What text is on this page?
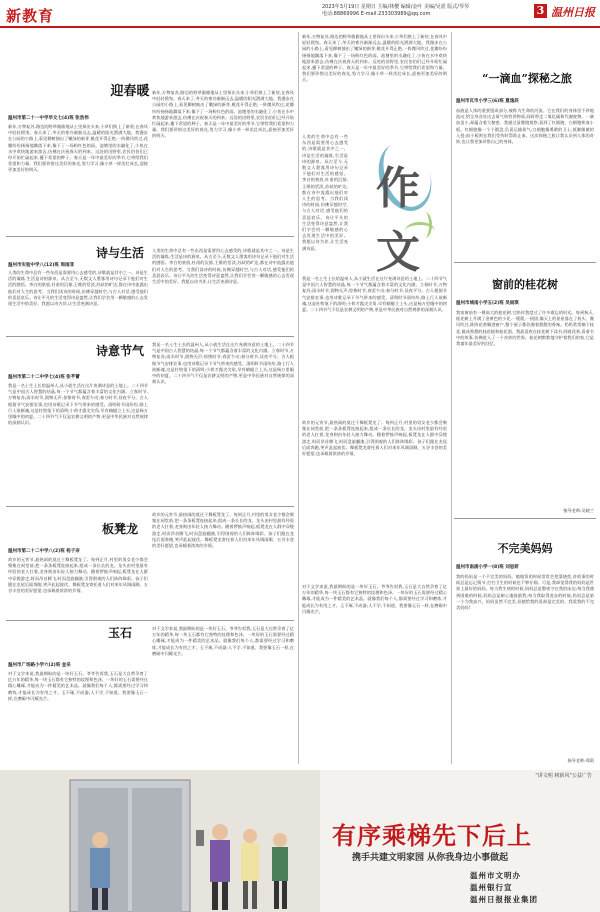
新教育	2023年3月19日 星期日 主编/林樱 编辑/金叶 美编/吴震 版式/琴琴
电话:88869996 E-mail:233303989@qq.com	3 温州日报
迎春暖
温州市第二十一中学毕文七(4)班 张浩伟

新年,万物复苏,路边的野草偷偷地从土里探出头来,小草们换上了新装,在春风中轻轻摇曳。春天来了,冬天的寒冷渐渐远去,温暖的阳光洒满大地。我漫步在公园的小路上,看见柳树抽出了嫩绿的新芽,桃花开得正艳,一阵微风吹过,花瓣纷纷扬扬地飘落下来,像下了一场粉红色的雨。池塘里的水融化了,小鱼在水中欢快地游来游去,仿佛在庆祝春天的到来。远处的田野里,农民伯伯们已经开始忙碌起来,播下希望的种子。春天是一年中最美好的季节,它带给我们希望和力量。我们要珍惜这美好的春光,努力学习,像小草一样茁壮成长,迎接更加美好的明天。

新年,万物复苏,路边的野草偷偷地从土里探出头来,小草们换上了新装,在春风中轻轻摇曳。春天来了,冬天的寒冷渐渐远去,温暖的阳光洒满大地。我漫步在公园的小路上,看见柳树抽出了嫩绿的新芽,桃花开得正艳,一阵微风吹过,花瓣纷纷扬扬地飘落下来,像下了一场粉红色的雨。池塘里的水融化了,小鱼在水中欢快地游来游去,仿佛在庆祝春天的到来。远处的田野里,农民伯伯们已经开始忙碌起来,播下希望的种子。春天是一年中最美好的季节,它带给我们希望和力量。我们要珍惜这美好的春光,努力学习,像小草一样茁壮成长,迎接更加美好的明天。

诗与生活
温州市实验中学八(12)班 周雨菲

人类的生命中总有一些东西是需要用心去感受的,诗歌就是其中之一。诗是生活的凝练,生活是诗的源泉。从古至今,无数文人墨客用诗句记录下他们对生活的感悟。李白的豪放,杜甫的沉郁,王维的恬淡,苏轼的旷达,都在诗中流露出他们对人生的思考。当我们读诗的时候,仿佛穿越时空,与古人对话,感受他们的喜怒哀乐。诗让平凡的生活变得诗意盎然,让我们学会用一颗敏感的心去发现生活中的美好。我愿以诗为伴,让生活充满诗意。

人类的生命中总有一些东西是需要用心去感受的,诗歌就是其中之一。诗是生活的凝练,生活是诗的源泉。从古至今,无数文人墨客用诗句记录下他们对生活的感悟。李白的豪放,杜甫的沉郁,王维的恬淡,苏轼的旷达,都在诗中流露出他们对人生的思考。当我们读诗的时候,仿佛穿越时空,与古人对话,感受他们的喜怒哀乐。诗让平凡的生活变得诗意盎然,让我们学会用一颗敏感的心去发现生活中的美好。我愿以诗为伴,让生活充满诗意。

诗意节气
温州市第二十二中学七(4)班 张芊蕾

我是一名土生土长的温州人,从小就生活在这片充满诗意的土地上。二十四节气是中国古人智慧的结晶,每一个节气都蕴含着丰富的文化内涵。立春时节,万物复苏;雨水时节,润物无声;惊蛰时节,春雷乍动;春分时节,昼夜平分。古人根据节气安排农事,也用诗歌记录下节气带来的感受。清明时节雨纷纷,路上行人欲断魂,这是杜牧笔下的清明;小荷才露尖尖角,早有蜻蜓立上头,这是杨万里眼中的初夏。二十四节气不仅是农耕文明的产物,更是中华民族对自然规律的深刻认识。

我是一名土生土长的温州人,从小就生活在这片充满诗意的土地上。二十四节气是中国古人智慧的结晶,每一个节气都蕴含着丰富的文化内涵。立春时节,万物复苏;雨水时节,润物无声;惊蛰时节,春雷乍动;春分时节,昼夜平分。古人根据节气安排农事,也用诗歌记录下节气带来的感受。清明时节雨纷纷,路上行人欲断魂,这是杜牧笔下的清明;小荷才露尖尖角,早有蜻蜓立上头,这是杨万里眼中的初夏。二十四节气不仅是农耕文明的产物,更是中华民族对自然规律的深刻认识。

板凳龙
温州市第二十二中学八(2)班 杨子奈

故乡的元宵节,最热闹的莫过于舞板凳龙了。每到正月,村里的男女老少都会聚集在祠堂前,把一条条板凳连接起来,组成一条长长的龙。龙头由村里最有经验的老人扛着,龙身则由年轻人接力舞动。随着锣鼓声响起,板凳龙在人群中穿梭游走,时而昂首腾飞,时而盘旋翻滚,引得围观的人们阵阵喝彩。孩子们跟在龙尾后面奔跑,笑声此起彼伏。舞板凳龙寄托着人们对来年风调雨顺、五谷丰登的美好愿望,也承载着浓浓的乡情。

故乡的元宵节,最热闹的莫过于舞板凳龙了。每到正月,村里的男女老少都会聚集在祠堂前,把一条条板凳连接起来,组成一条长长的龙。龙头由村里最有经验的老人扛着,龙身则由年轻人接力舞动。随着锣鼓声响起,板凳龙在人群中穿梭游走,时而昂首腾飞,时而盘旋翻滚,引得围观的人们阵阵喝彩。孩子们跟在龙尾后面奔跑,笑声此起彼伏。舞板凳龙寄托着人们对来年风调雨顺、五谷丰登的美好愿望,也承载着浓浓的乡情。

玉石
温州市广场路小学六(2)班 金采

对于文学来说,我最期盼的是一块好玉石。爷爷告诉我,玉石是大自然孕育了亿万年的精华,每一块玉石都有它独特的纹理和色泽。一块好的玉石需要经过精心雕琢,才能成为一件精美的艺术品。就像我们每个人,都需要经过学习和磨炼,才能成长为有用之才。玉不琢,不成器;人不学,不知道。我要像玉石一样,在磨砺中闪耀光芒。

对于文学来说,我最期盼的是一块好玉石。爷爷告诉我,玉石是大自然孕育了亿万年的精华,每一块玉石都有它独特的纹理和色泽。一块好的玉石需要经过精心雕琢,才能成为一件精美的艺术品。就像我们每个人,都需要经过学习和磨炼,才能成长为有用之才。玉不琢,不成器;人不学,不知道。我要像玉石一样,在磨砺中闪耀光芒。

新年,万物复苏,路边的野草偷偷地从土里探出头来,小草们换上了新装,在春风中轻轻摇曳。春天来了,冬天的寒冷渐渐远去,温暖的阳光洒满大地。我漫步在公园的小路上,看见柳树抽出了嫩绿的新芽,桃花开得正艳,一阵微风吹过,花瓣纷纷扬扬地飘落下来,像下了一场粉红色的雨。池塘里的水融化了,小鱼在水中欢快地游来游去,仿佛在庆祝春天的到来。远处的田野里,农民伯伯们已经开始忙碌起来,播下希望的种子。春天是一年中最美好的季节,它带给我们希望和力量。我们要珍惜这美好的春光,努力学习,像小草一样茁壮成长,迎接更加美好的明天。

作文

人类的生命中总有一些东西是需要用心去感受的,诗歌就是其中之一。诗是生活的凝练,生活是诗的源泉。从古至今,无数文人墨客用诗句记录下他们对生活的感悟。李白的豪放,杜甫的沉郁,王维的恬淡,苏轼的旷达,都在诗中流露出他们对人生的思考。当我们读诗的时候,仿佛穿越时空,与古人对话,感受他们的喜怒哀乐。诗让平凡的生活变得诗意盎然,让我们学会用一颗敏感的心去发现生活中的美好。我愿以诗为伴,让生活充满诗意。

我是一名土生土长的温州人,从小就生活在这片充满诗意的土地上。二十四节气是中国古人智慧的结晶,每一个节气都蕴含着丰富的文化内涵。立春时节,万物复苏;雨水时节,润物无声;惊蛰时节,春雷乍动;春分时节,昼夜平分。古人根据节气安排农事,也用诗歌记录下节气带来的感受。清明时节雨纷纷,路上行人欲断魂,这是杜牧笔下的清明;小荷才露尖尖角,早有蜻蜓立上头,这是杨万里眼中的初夏。二十四节气不仅是农耕文明的产物,更是中华民族对自然规律的深刻认识。

故乡的元宵节,最热闹的莫过于舞板凳龙了。每到正月,村里的男女老少都会聚集在祠堂前,把一条条板凳连接起来,组成一条长长的龙。龙头由村里最有经验的老人扛着,龙身则由年轻人接力舞动。随着锣鼓声响起,板凳龙在人群中穿梭游走,时而昂首腾飞,时而盘旋翻滚,引得围观的人们阵阵喝彩。孩子们跟在龙尾后面奔跑,笑声此起彼伏。舞板凳龙寄托着人们对来年风调雨顺、五谷丰登的美好愿望,也承载着浓浓的乡情。

对于文学来说,我最期盼的是一块好玉石。爷爷告诉我,玉石是大自然孕育了亿万年的精华,每一块玉石都有它独特的纹理和色泽。一块好的玉石需要经过精心雕琢,才能成为一件精美的艺术品。就像我们每个人,都需要经过学习和磨炼,才能成长为有用之才。玉不琢,不成器;人不学,不知道。我要像玉石一样,在磨砺中闪耀光芒。

“一滴血”探秘之旅
温州市瓦市小学三(6)班 夏逸辰

血液是人体的重要组成部分,被称为生命的河流。它在我们的身体里不停地流动,给全身各处送去氧气和营养物质,同时带走二氧化碳和代谢废物。一滴血虽小,却蕴含着大秘密。我通过显微镜观察,看到了红细胞、白细胞和血小板。红细胞像一个个圆盘,负责运输氧气;白细胞像勇敢的卫士,抵御细菌的入侵;血小板则在我们受伤时帮助止血。这次探秘之旅让我认识到人体的奇妙,也让我更加珍惜自己的身体。

窗前的桂花树
温州市城南小学五(2)班 吴雨琪

我家窗前有一棵高大的桂花树,它陪伴我度过了许多难忘的时光。每到秋天,桂花树上开满了金黄色的小花,一簇簇,一团团,像天上的星星落在了枝头。微风吹过,阵阵花香飘进窗户,整个屋子都弥漫着甜甜的香味。奶奶常常摘下桂花,做成香甜的桂花糕和桂花酒。我最喜欢在桂花树下读书,闻着花香,看着书中的故事,仿佛进入了一个奇妙的世界。桂花树默默地守护着我们的家,它是我童年最美好的回忆。

指导老师:吴晓兰
不完美妈妈
温州市南浦小学一(8)班 刘思妍

我的妈妈是一个不完美的妈妈。她做饭的时候常常会把菜烧焦,讲故事的时候总是忘记情节,打扫卫生的时候也不够仔细。可是,我却觉得我的妈妈是世界上最好的妈妈。每当我生病的时候,妈妈总是整夜守在我的床边;每当我遇到困难的时候,妈妈总是耐心地鼓励我;每当我取得进步的时候,妈妈总是第一个为我高兴。妈妈虽然不完美,但她给我的爱却是完美的。我爱我的不完美妈妈!

指导老师:郑莉
“讲文明 树新风”公益广告
有序乘梯先下后上
携手共建文明家园 从你我身边小事做起
温州市文明办
温州银行宣
温州日报报业集团
